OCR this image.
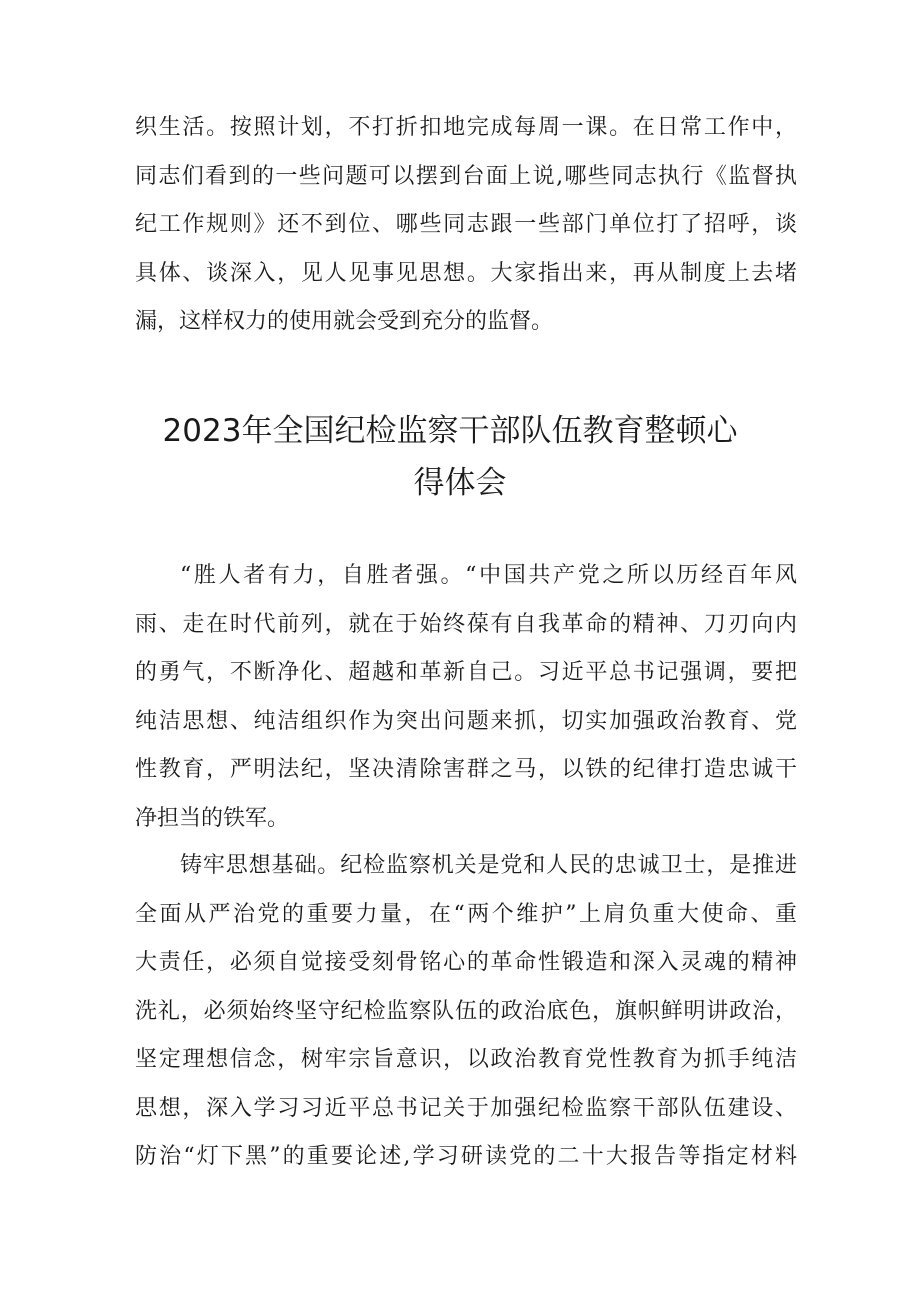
织生活。按照计划，不打折扣地完成每周一课。在日常工作中，
同志们看到的一些问题可以摆到台面上说,哪些同志执行《监督执
纪工作规则》还不到位、哪些同志跟一些部门单位打了招呼，谈
具体、谈深入，见人见事见思想。大家指出来，再从制度上去堵
漏，这样权力的使用就会受到充分的监督。
2023年全国纪检监察干部队伍教育整顿心
得体会
“胜人者有力，自胜者强。“中国共产党之所以历经百年风
雨、走在时代前列，就在于始终葆有自我革命的精神、刀刃向内
的勇气，不断净化、超越和革新自己。习近平总书记强调，要把
纯洁思想、纯洁组织作为突出问题来抓，切实加强政治教育、党
性教育，严明法纪，坚决清除害群之马，以铁的纪律打造忠诚干
净担当的铁军。
铸牢思想基础。纪检监察机关是党和人民的忠诚卫士，是推进
全面从严治党的重要力量，在“两个维护”上肩负重大使命、重
大责任，必须自觉接受刻骨铭心的革命性锻造和深入灵魂的精神
洗礼，必须始终坚守纪检监察队伍的政治底色，旗帜鲜明讲政治，
坚定理想信念，树牢宗旨意识，以政治教育党性教育为抓手纯洁
思想，深入学习习近平总书记关于加强纪检监察干部队伍建设、
防治“灯下黑”的重要论述,学习研读党的二十大报告等指定材料
